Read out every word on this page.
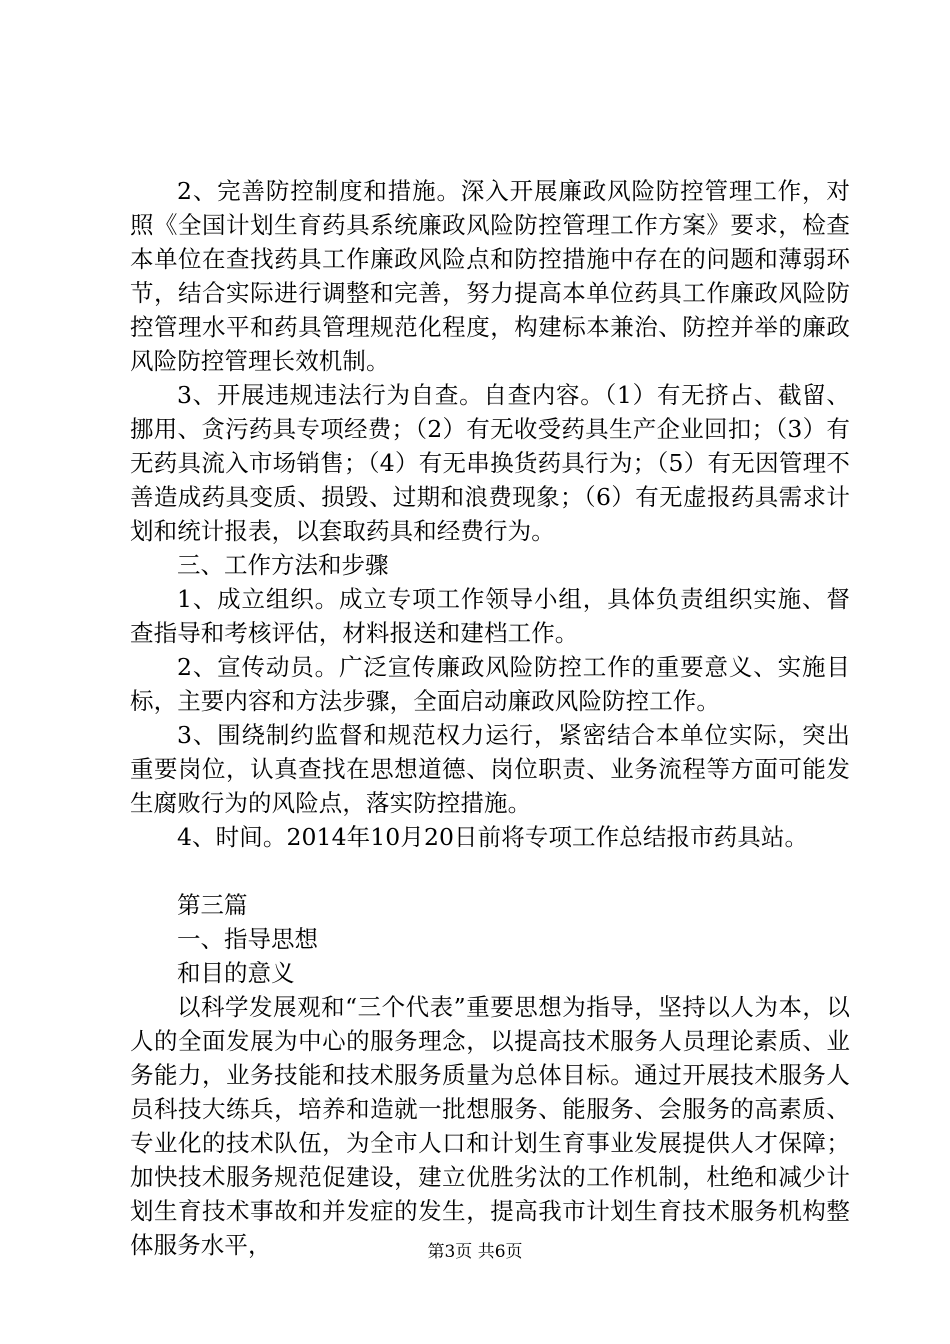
2、完善防控制度和措施。深入开展廉政风险防控管理工作，对照《全国计划生育药具系统廉政风险防控管理工作方案》要求，检查本单位在查找药具工作廉政风险点和防控措施中存在的问题和薄弱环节，结合实际进行调整和完善，努力提高本单位药具工作廉政风险防控管理水平和药具管理规范化程度，构建标本兼治、防控并举的廉政风险防控管理长效机制。

3、开展违规违法行为自查。自查内容。（1）有无挤占、截留、挪用、贪污药具专项经费；（2）有无收受药具生产企业回扣；（3）有无药具流入市场销售；（4）有无串换货药具行为；（5）有无因管理不善造成药具变质、损毁、过期和浪费现象；（6）有无虚报药具需求计划和统计报表，以套取药具和经费行为。

三、工作方法和步骤

1、成立组织。成立专项工作领导小组，具体负责组织实施、督查指导和考核评估，材料报送和建档工作。

2、宣传动员。广泛宣传廉政风险防控工作的重要意义、实施目标，主要内容和方法步骤，全面启动廉政风险防控工作。

3、围绕制约监督和规范权力运行，紧密结合本单位实际，突出重要岗位，认真查找在思想道德、岗位职责、业务流程等方面可能发生腐败行为的风险点，落实防控措施。

4、时间。2014年10月20日前将专项工作总结报市药具站。

第三篇

一、指导思想

和目的意义

以科学发展观和“三个代表”重要思想为指导，坚持以人为本，以人的全面发展为中心的服务理念，以提高技术服务人员理论素质、业务能力，业务技能和技术服务质量为总体目标。通过开展技术服务人员科技大练兵，培养和造就一批想服务、能服务、会服务的高素质、专业化的技术队伍，为全市人口和计划生育事业发展提供人才保障；加快技术服务规范促建设，建立优胜劣汰的工作机制，杜绝和减少计划生育技术事故和并发症的发生，提高我市计划生育技术服务机构整体服务水平，	第3页 共6页
